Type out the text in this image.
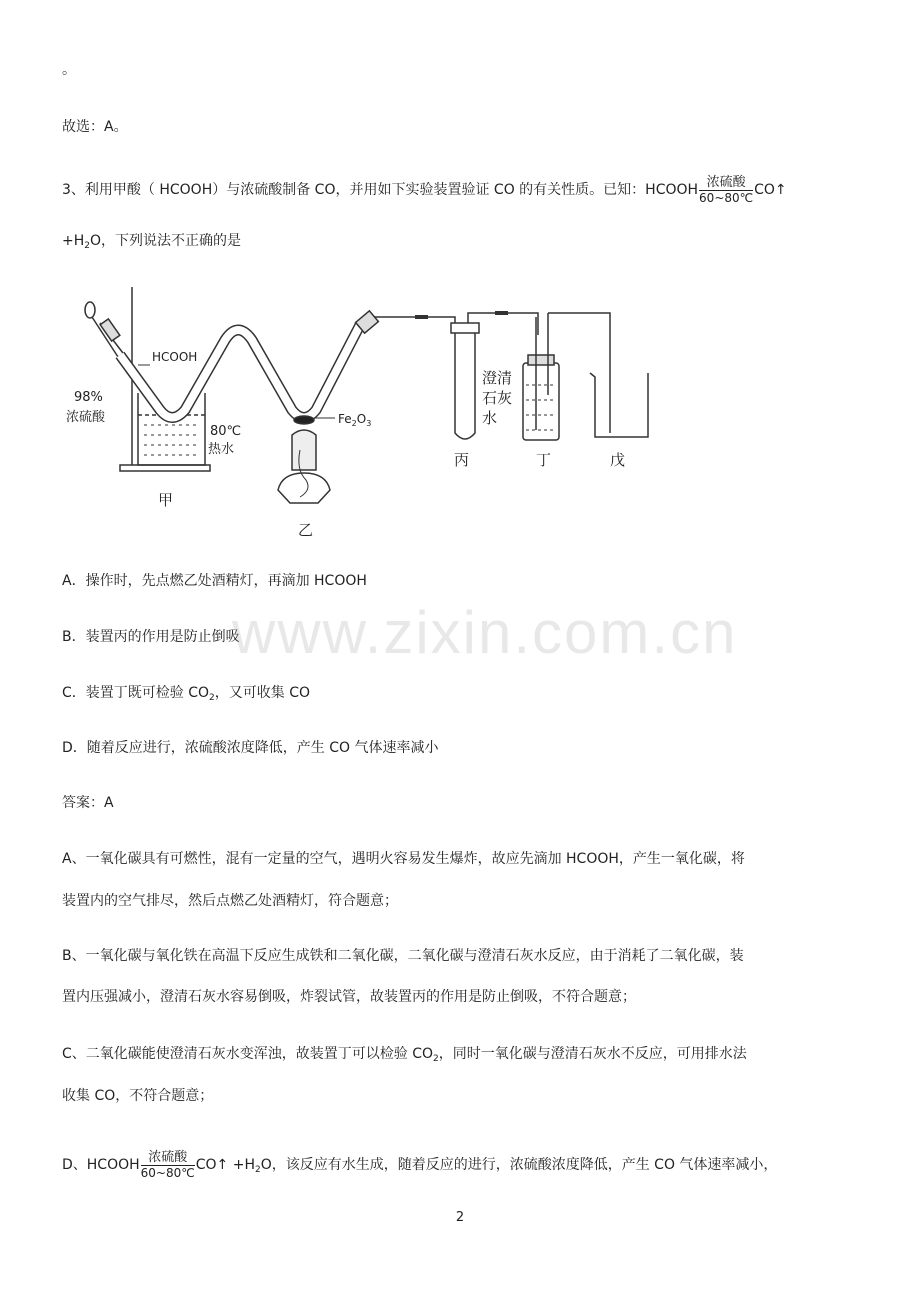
。
故选：A。
3、利用甲酸（ HCOOH）与浓硫酸制备 CO，并用如下实验装置验证 CO 的有关性质。已知：HCOOH $\frac{\text{浓硫酸}}{60\sim 80℃}$ CO↑
$+H_2O$，下列说法不正确的是
HCOOH
98%
浓硫酸
80℃
热水
$Fe_2O_3$
澄清
石灰
水
甲
乙
丙	丁	戊
A．操作时，先点燃乙处酒精灯，再滴加 HCOOH
B．装置丙的作用是防止倒吸
C．装置丁既可检验 $CO_2$，又可收集 CO
D．随着反应进行，浓硫酸浓度降低，产生 CO 气体速率减小
答案：A
A、一氧化碳具有可燃性，混有一定量的空气，遇明火容易发生爆炸，故应先滴加 HCOOH，产生一氧化碳，将
装置内的空气排尽，然后点燃乙处酒精灯，符合题意；
B、一氧化碳与氧化铁在高温下反应生成铁和二氧化碳，二氧化碳与澄清石灰水反应，由于消耗了二氧化碳，装
置内压强减小，澄清石灰水容易倒吸，炸裂试管，故装置丙的作用是防止倒吸，不符合题意；
C、二氧化碳能使澄清石灰水变浑浊，故装置丁可以检验 $CO_2$，同时一氧化碳与澄清石灰水不反应，可用排水法
收集 CO，不符合题意；
D、HCOOH $\frac{\text{浓硫酸}}{60\sim 80℃}$ CO↑ $+H_2O$，该反应有水生成，随着反应的进行，浓硫酸浓度降低，产生 CO 气体速率减小，
www.zixin.com.cn
2
